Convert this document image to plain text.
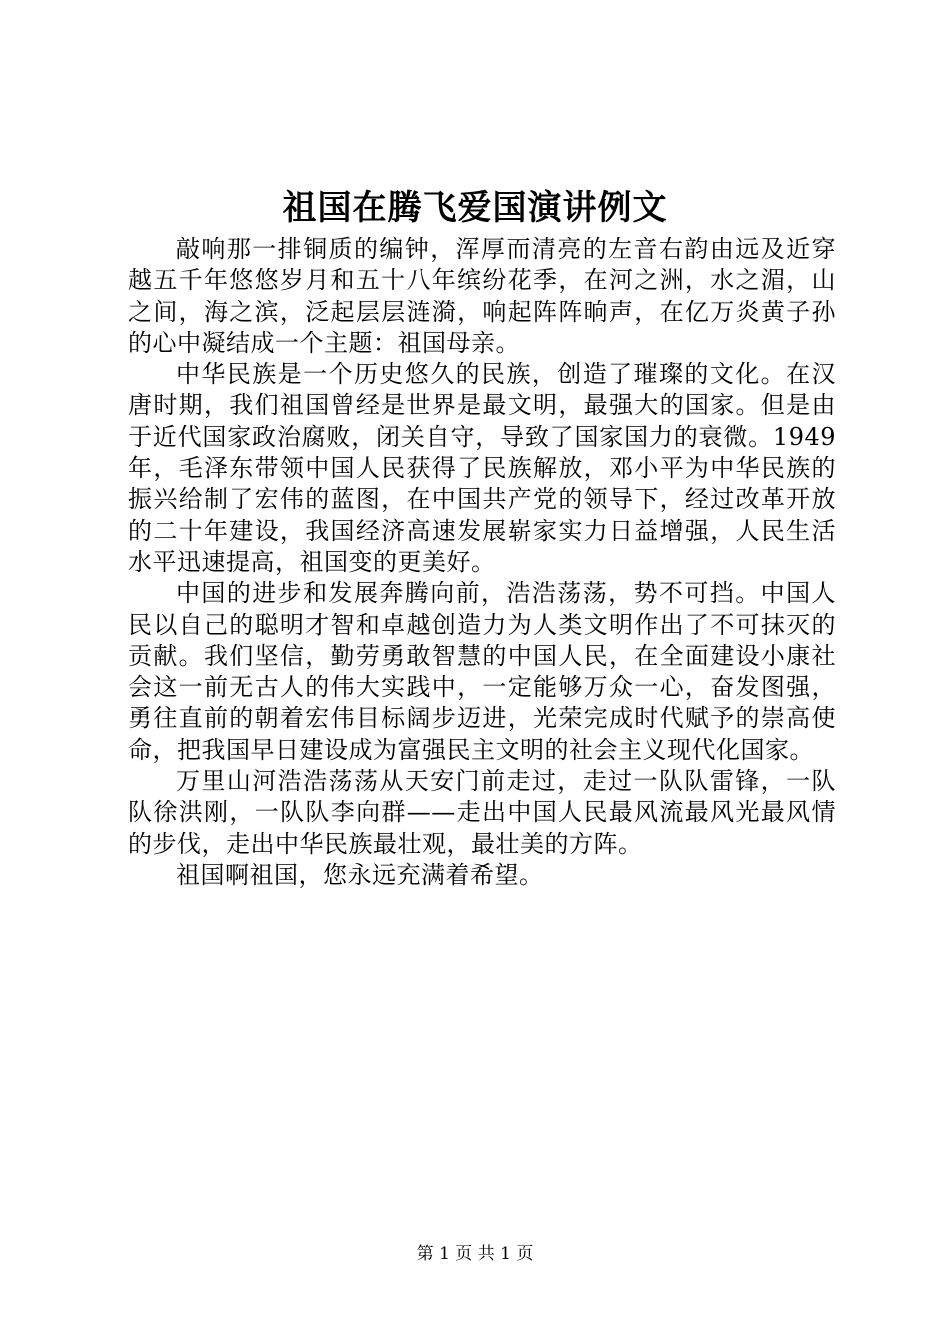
祖国在腾飞爱国演讲例文

敲响那一排铜质的编钟，浑厚而清亮的左音右韵由远及近穿越五千年悠悠岁月和五十八年缤纷花季，在河之洲，水之湄，山之间，海之滨，泛起层层涟漪，响起阵阵晌声，在亿万炎黄子孙的心中凝结成一个主题：祖国母亲。

中华民族是一个历史悠久的民族，创造了璀璨的文化。在汉唐时期，我们祖国曾经是世界是最文明，最强大的国家。但是由于近代国家政治腐败，闭关自守，导致了国家国力的衰微。1949年，毛泽东带领中国人民获得了民族解放，邓小平为中华民族的振兴给制了宏伟的蓝图，在中国共产党的领导下，经过改革开放的二十年建设，我国经济高速发展崭家实力日益增强，人民生活水平迅速提高，祖国变的更美好。

中国的进步和发展奔腾向前，浩浩荡荡，势不可挡。中国人民以自己的聪明才智和卓越创造力为人类文明作出了不可抹灭的贡献。我们坚信，勤劳勇敢智慧的中国人民，在全面建设小康社会这一前无古人的伟大实践中，一定能够万众一心，奋发图强，勇往直前的朝着宏伟目标阔步迈进，光荣完成时代赋予的崇高使命，把我国早日建设成为富强民主文明的社会主义现代化国家。

万里山河浩浩荡荡从天安门前走过，走过一队队雷锋，一队队徐洪刚，一队队李向群——走出中国人民最风流最风光最风情的步伐，走出中华民族最壮观，最壮美的方阵。

祖国啊祖国，您永远充满着希望。

第 1 页 共 1 页
